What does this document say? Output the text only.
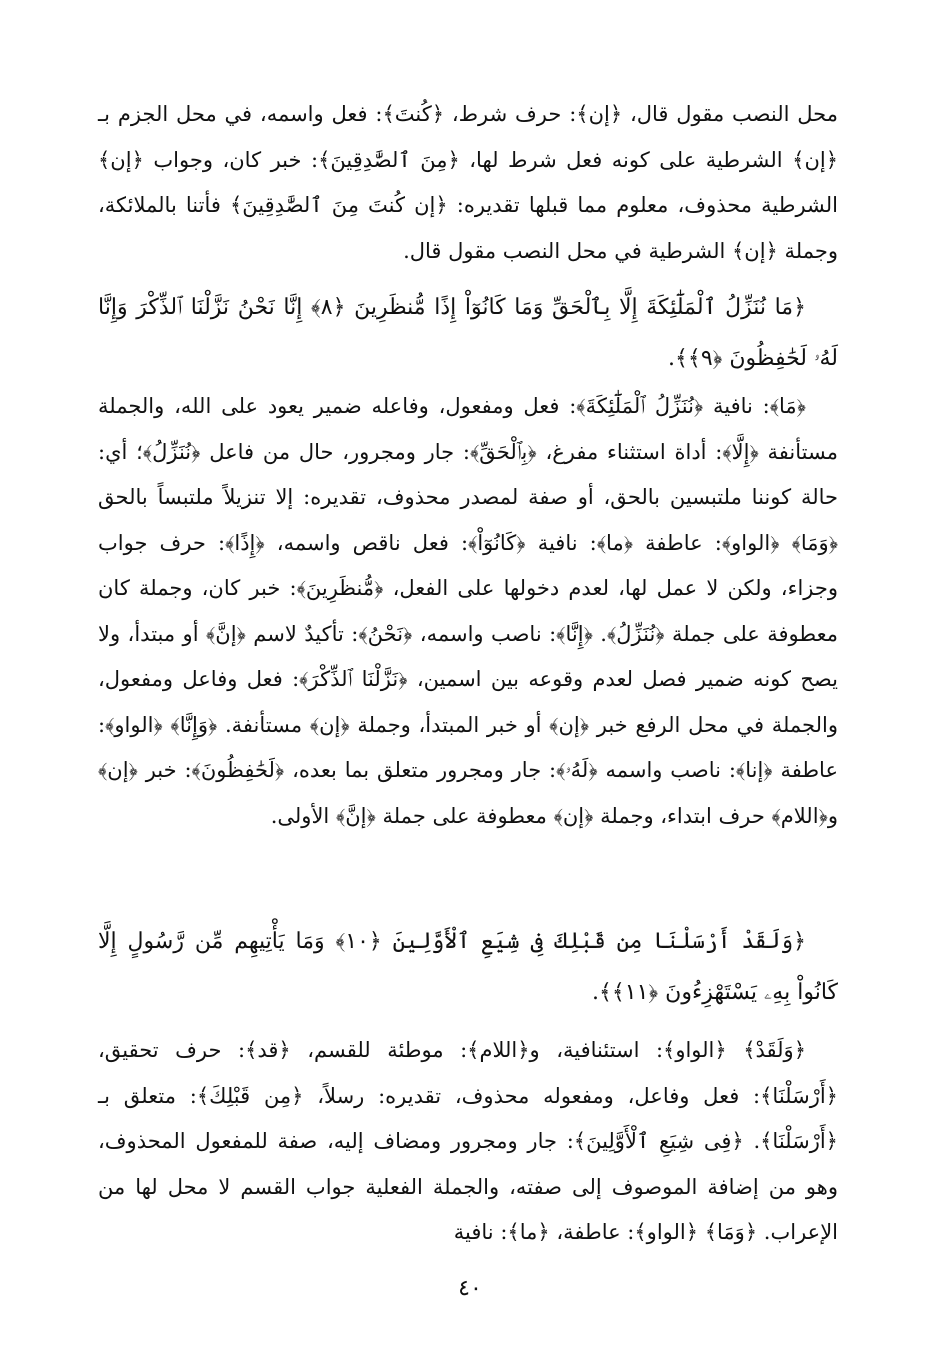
محل النصب مقول قال، ﴿إن﴾: حرف شرط، ﴿كُنتَ﴾: فعل واسمه، في محل الجزم بـ ﴿إن﴾ الشرطية على كونه فعل شرط لها، ﴿مِنَ ٱلصَّٰدِقِينَ﴾: خبر كان، وجواب ﴿إن﴾ الشرطية محذوف، معلوم مما قبلها تقديره: ﴿إن كُنتَ مِنَ ٱلصَّٰدِقِينَ﴾ فأتنا بالملائكة، وجملة ﴿إن﴾ الشرطية في محل النصب مقول قال.

﴿مَا نُنَزِّلُ ٱلْمَلَٰٓئِكَةَ إِلَّا بِٱلْحَقِّ وَمَا كَانُوٓاْ إِذًا مُّنظَرِينَ ﴿٨﴾ إِنَّا نَحْنُ نَزَّلْنَا ٱلذِّكْرَ وَإِنَّا لَهُۥ لَحَٰفِظُونَ ﴿٩﴾﴾.

﴿مَا﴾: نافية ﴿نُنَزِّلُ ٱلْمَلَٰٓئِكَةَ﴾: فعل ومفعول، وفاعله ضمير يعود على الله، والجملة مستأنفة ﴿إِلَّا﴾: أداة استثناء مفرغ، ﴿بِٱلْحَقِّ﴾: جار ومجرور، حال من فاعل ﴿نُنَزِّلُ﴾؛ أي: حالة كوننا ملتبسين بالحق، أو صفة لمصدر محذوف، تقديره: إلا تنزيلاً ملتبساً بالحق ﴿وَمَا﴾ ﴿الواو﴾: عاطفة ﴿ما﴾: نافية ﴿كَانُوٓاْ﴾: فعل ناقص واسمه، ﴿إِذًا﴾: حرف جواب وجزاء، ولكن لا عمل لها، لعدم دخولها على الفعل، ﴿مُّنظَرِينَ﴾: خبر كان، وجملة كان معطوفة على جملة ﴿نُنَزِّلُ﴾. ﴿إِنَّا﴾: ناصب واسمه، ﴿نَحْنُ﴾: تأكيدٌ لاسم ﴿إنَّ﴾ أو مبتدأ، ولا يصح كونه ضمير فصل لعدم وقوعه بين اسمين، ﴿نَزَّلْنَا ٱلذِّكْرَ﴾: فعل وفاعل ومفعول، والجملة في محل الرفع خبر ﴿إن﴾ أو خبر المبتدأ، وجملة ﴿إن﴾ مستأنفة. ﴿وَإِنَّا﴾ ﴿الواو﴾: عاطفة ﴿إنا﴾: ناصب واسمه ﴿لَهُۥ﴾: جار ومجرور متعلق بما بعده، ﴿لَحَٰفِظُونَ﴾: خبر ﴿إن﴾ و﴿اللام﴾ حرف ابتداء، وجملة ﴿إن﴾ معطوفة على جملة ﴿إنَّ﴾ الأولى.

﴿وَلَقَدْ أَرْسَلْنَا مِن قَبْلِكَ فِى شِيَعِ ٱلْأَوَّلِينَ ﴿١٠﴾ وَمَا يَأْتِيهِم مِّن رَّسُولٍ إِلَّا كَانُواْ بِهِۦ يَسْتَهْزِءُونَ ﴿١١﴾﴾.

﴿وَلَقَدْ﴾ ﴿الواو﴾: استئنافية، و﴿اللام﴾: موطئة للقسم، ﴿قد﴾: حرف تحقيق، ﴿أَرْسَلْنَا﴾: فعل وفاعل، ومفعوله محذوف، تقديره: رسلاً، ﴿مِن قَبْلِكَ﴾: متعلق بـ ﴿أَرْسَلْنَا﴾. ﴿فِى شِيَعِ ٱلْأَوَّلِينَ﴾: جار ومجرور ومضاف إليه، صفة للمفعول المحذوف، وهو من إضافة الموصوف إلى صفته، والجملة الفعلية جواب القسم لا محل لها من الإعراب. ﴿وَمَا﴾ ﴿الواو﴾: عاطفة، ﴿ما﴾: نافية

٤٠
